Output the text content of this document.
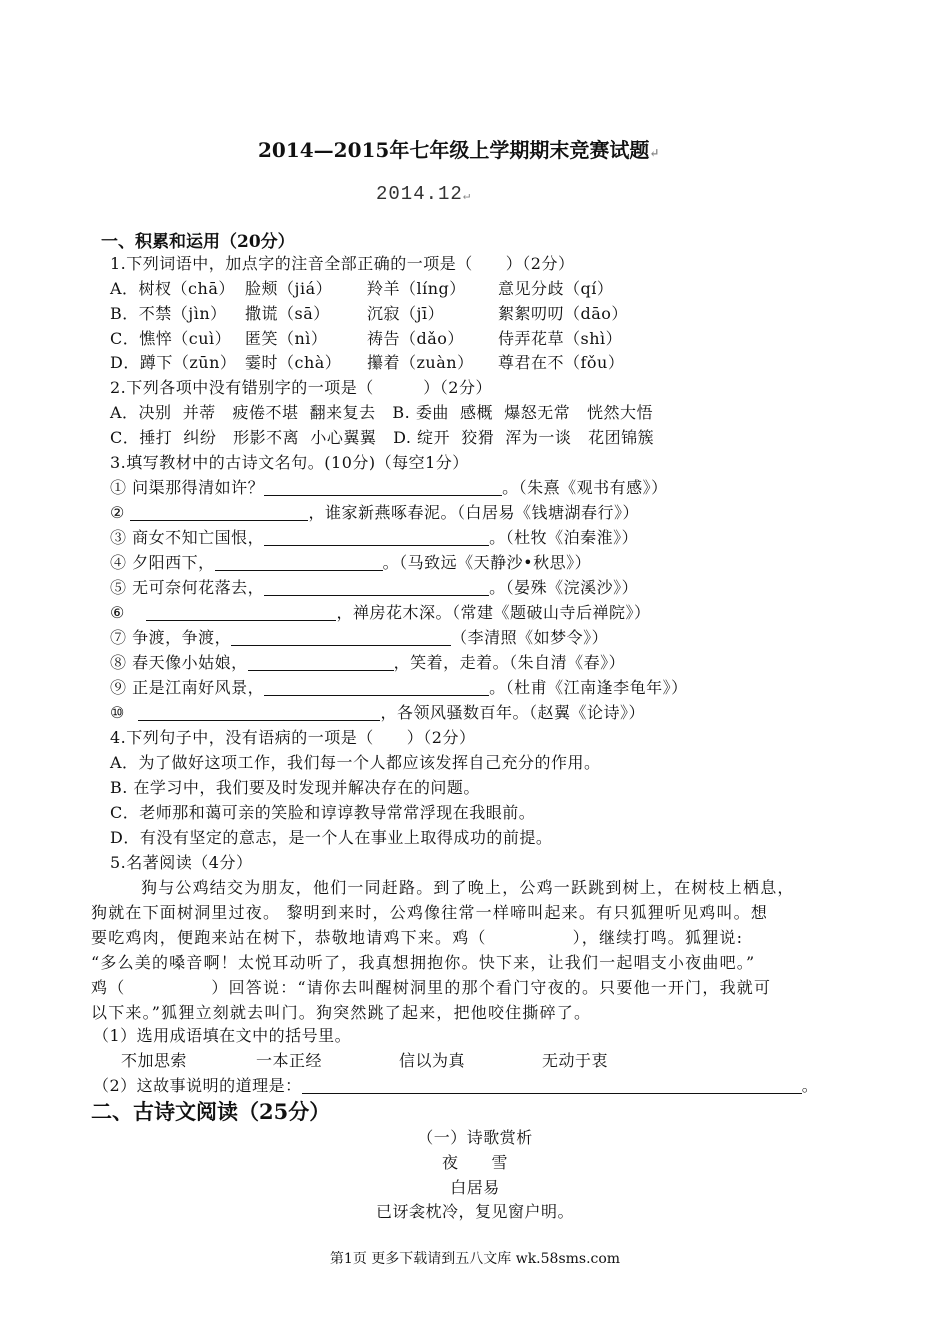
2014—2015年七年级上学期期末竞赛试题↵
2014.12↵
一、积累和运用（20分）
1.下列词语中，加点字的注音全部正确的一项是（　　）（2分）
A．树杈（chā） 脸颊（jiá） 羚羊（líng） 意见分歧（qí）
B．不禁（jìn） 撒谎（sā） 沉寂（jī）	絮絮叨叨（dāo）
C．憔悴（cuì） 匿笑（nì） 祷告（dǎo） 侍弄花草（shì）
D．蹲下（zūn） 霎时（chà） 攥着（zuàn） 尊君在不（fǒu）
2.下列各项中没有错别字的一项是（　　　）（2分）
A．决别  并蒂   疲倦不堪  翻来复去   B. 委曲  感概  爆怒无常   恍然大悟
C．捶打  纠纷   形影不离  小心翼翼   D. 绽开  狡猾  浑为一谈   花团锦簇
3.填写教材中的古诗文名句。(10分)（每空1分）
① 问渠那得清如许？	。（朱熹《观书有感》）
②	，谁家新燕啄春泥。（白居易《钱塘湖春行》）
③ 商女不知亡国恨，	。（杜牧《泊秦淮》）
④ 夕阳西下，	。（马致远《天静沙•秋思》）
⑤ 无可奈何花落去，	。（晏殊《浣溪沙》）
⑥	，禅房花木深。（常建《题破山寺后禅院》）
⑦ 争渡，争渡，	（李清照《如梦令》）
⑧ 春天像小姑娘，	，笑着，走着。（朱自清《春》）
⑨ 正是江南好风景，	。（杜甫《江南逢李龟年》）
⑩	，各领风骚数百年。（赵翼《论诗》）
4.下列句子中，没有语病的一项是（　　）（2分）
A．为了做好这项工作，我们每一个人都应该发挥自己充分的作用。
B. 在学习中，我们要及时发现并解决存在的问题。
C．老师那和蔼可亲的笑脸和谆谆教导常常浮现在我眼前。
D．有没有坚定的意志，是一个人在事业上取得成功的前提。
5.名著阅读（4分）
狗与公鸡结交为朋友，他们一同赶路。到了晚上，公鸡一跃跳到树上，在树枝上栖息，
狗就在下面树洞里过夜。 黎明到来时，公鸡像往常一样啼叫起来。有只狐狸听见鸡叫。想
要吃鸡肉，便跑来站在树下，恭敬地请鸡下来。鸡（　　　　　），继续打鸣。狐狸说:
“多么美的嗓音啊！太悦耳动听了，我真想拥抱你。快下来，让我们一起唱支小夜曲吧。”
鸡（　　　　　）回答说：“请你去叫醒树洞里的那个看门守夜的。只要他一开门，我就可
以下来。”狐狸立刻就去叫门。狗突然跳了起来，把他咬住撕碎了。
（1）选用成语填在文中的括号里。
不加思索	一本正经	信以为真	无动于衷
（2）这故事说明的道理是：	。
二、古诗文阅读（25分）
（一）诗歌赏析
夜　　雪
白居易
已讶衾枕冷，复见窗户明。
第1页 更多下载请到五八文库 wk.58sms.com
